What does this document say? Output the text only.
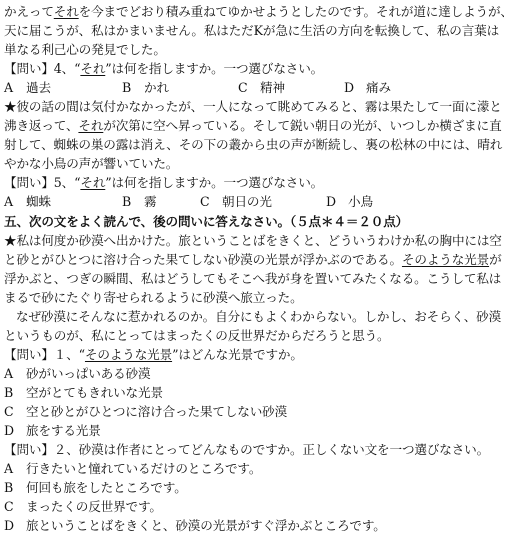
かえってそれを今までどおり積み重ねてゆかせようとしたのです。それが道に達しようが、
天に届こうが、私はかまいません。私はただKが急に生活の方向を転換して、私の言葉は
単なる利己心の発見でした。
【問い】4、“それ”は何を指しますか。一つ選びなさい。
A 過去	B かれ	C 精神	D 痛み
★彼の話の間は気付かなかったが、一人になって眺めてみると、霧は果たして一面に濛と
沸き返って、それが次第に空へ昇っている。そして鋭い朝日の光が、いつしか横ざまに直
射して、蜘蛛の巣の露は消え、その下の叢から虫の声が断続し、裏の松林の中には、晴れ
やかな小鳥の声が響いていた。
【問い】5、“それ”は何を指しますか。一つ選びなさい。
A 蜘蛛	B 霧	C 朝日の光	D 小鳥
五、次の文をよく読んで、後の問いに答えなさい。（５点＊４＝２０点）
★私は何度か砂漠へ出かけた。旅ということばをきくと、どういうわけか私の胸中には空
と砂とがひとつに溶け合った果てしない砂漠の光景が浮かぶのである。そのような光景が
浮かぶと、つぎの瞬間、私はどうしてもそこへ我が身を置いてみたくなる。こうして私は
まるで砂にたぐり寄せられるように砂漠へ旅立った。
なぜ砂漠にそんなに惹かれるのか。自分にもよくわからない。しかし、おそらく、砂漠
というものが、私にとってはまったくの反世界だからだろうと思う。
【問い】１、“そのような光景”はどんな光景ですか。
A 砂がいっぱいある砂漠
B 空がとてもきれいな光景
C 空と砂とがひとつに溶け合った果てしない砂漠
D 旅をする光景
【問い】２、砂漠は作者にとってどんなものですか。正しくない文を一つ選びなさい。
A 行きたいと憧れているだけのところです。
B 何回も旅をしたところです。
C まったくの反世界です。
D 旅ということばをきくと、砂漠の光景がすぐ浮かぶところです。
